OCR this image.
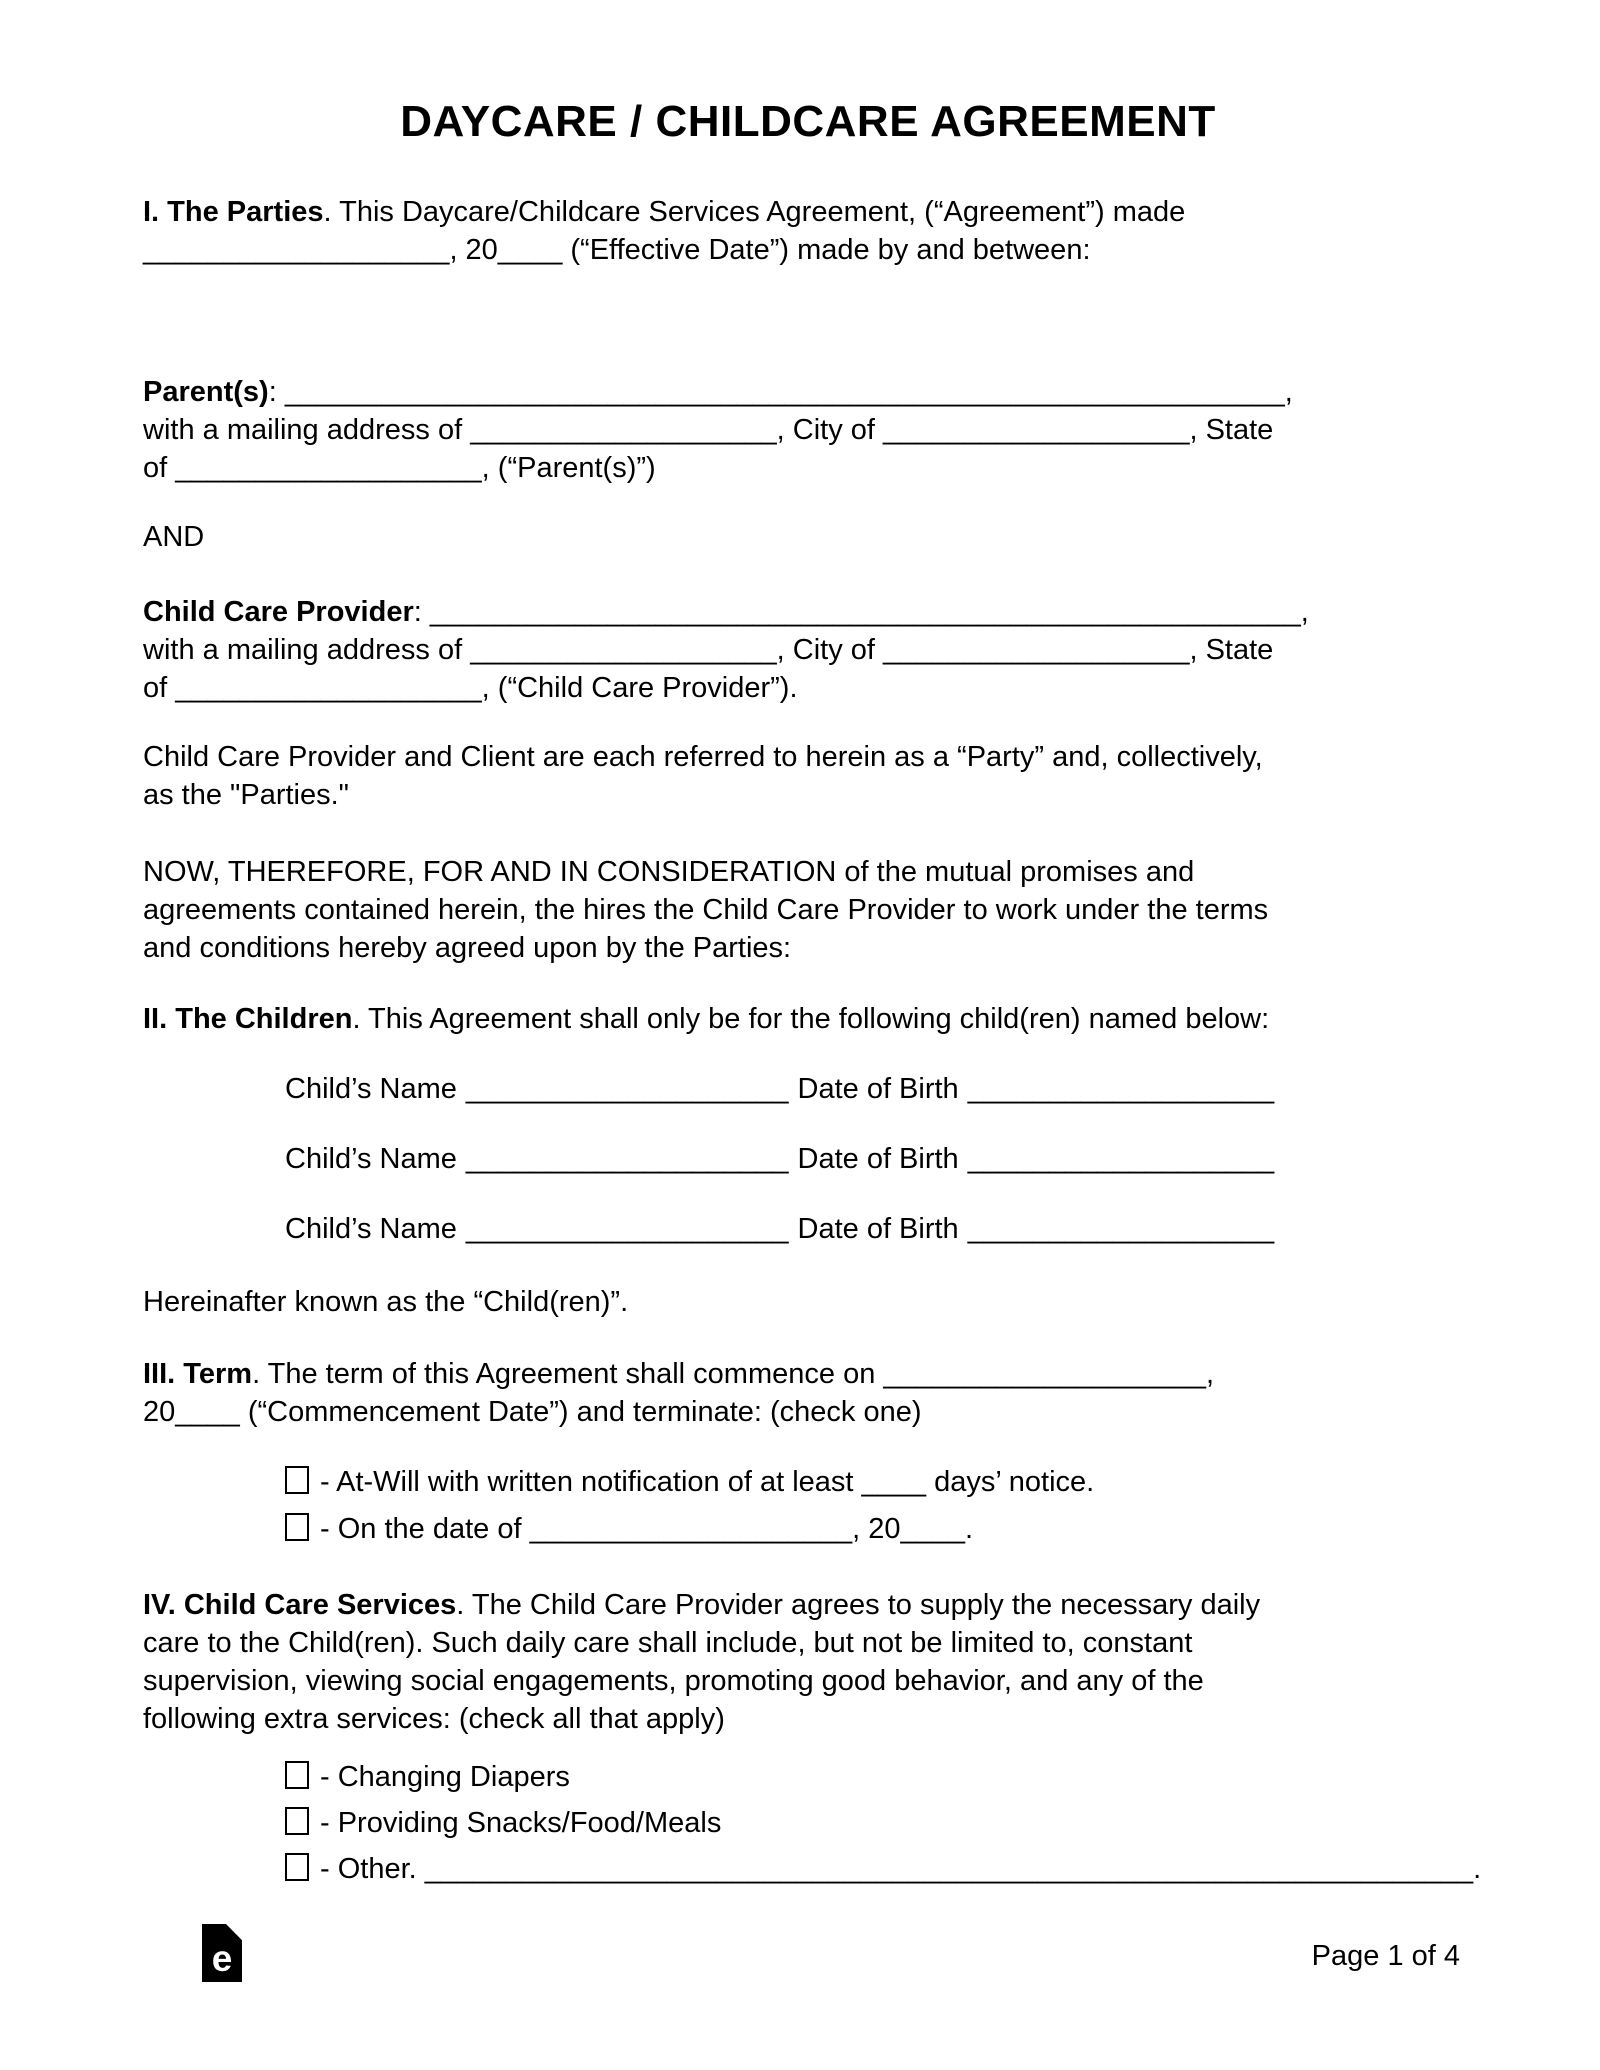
DAYCARE / CHILDCARE AGREEMENT
I. The Parties. This Daycare/Childcare Services Agreement, (“Agreement”) made
___________________, 20____ (“Effective Date”) made by and between:
Parent(s): ______________________________________________________________,
with a mailing address of ___________________, City of ___________________, State
of ___________________, (“Parent(s)”)
AND
Child Care Provider: ______________________________________________________,
with a mailing address of ___________________, City of ___________________, State
of ___________________, (“Child Care Provider”).
Child Care Provider and Client are each referred to herein as a “Party” and, collectively,
as the "Parties."
NOW, THEREFORE, FOR AND IN CONSIDERATION of the mutual promises and
agreements contained herein, the hires the Child Care Provider to work under the terms
and conditions hereby agreed upon by the Parties:
II. The Children. This Agreement shall only be for the following child(ren) named below:
Child’s Name ____________________ Date of Birth ___________________
Child’s Name ____________________ Date of Birth ___________________
Child’s Name ____________________ Date of Birth ___________________
Hereinafter known as the “Child(ren)”.
III. Term. The term of this Agreement shall commence on ____________________,
20____ (“Commencement Date”) and terminate: (check one)
- At-Will with written notification of at least ____ days’ notice.
- On the date of ____________________, 20____.
IV. Child Care Services. The Child Care Provider agrees to supply the necessary daily
care to the Child(ren). Such daily care shall include, but not be limited to, constant
supervision, viewing social engagements, promoting good behavior, and any of the
following extra services: (check all that apply)
- Changing Diapers
- Providing Snacks/Food/Meals
- Other. _________________________________________________________________.
e	Page 1 of 4
